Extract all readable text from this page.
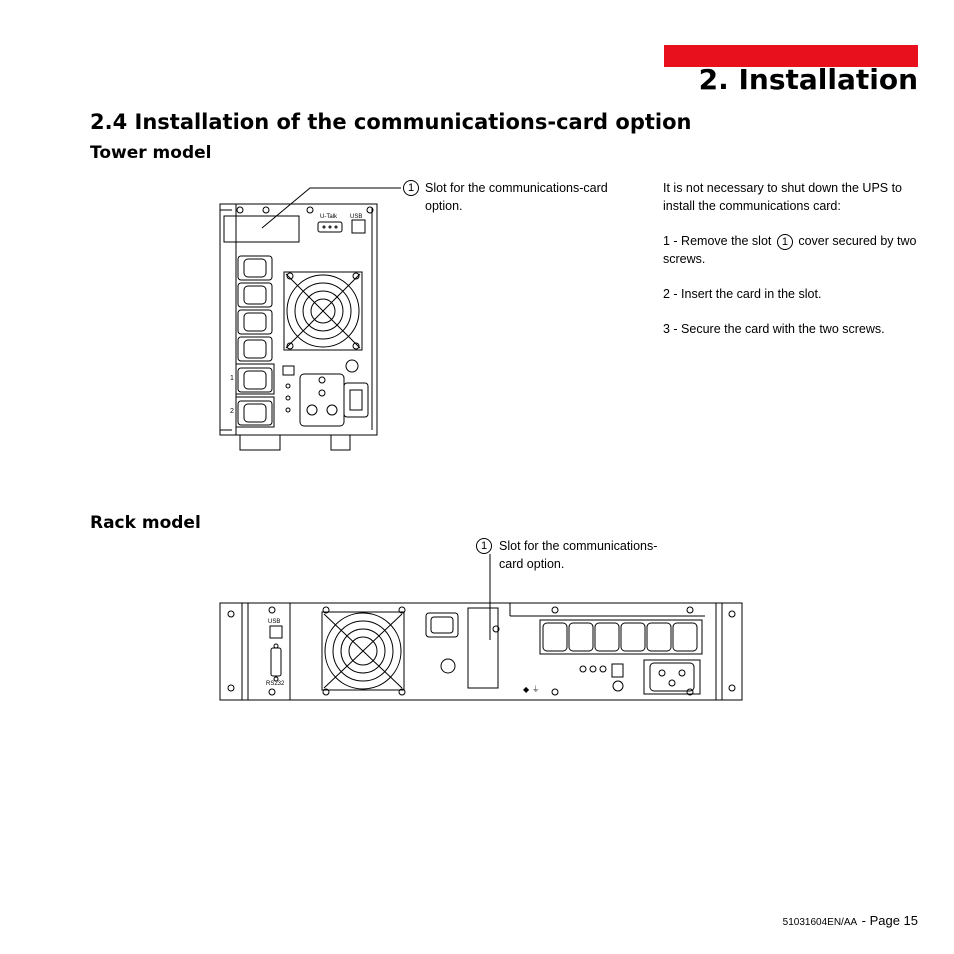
2. Installation
2.4 Installation of the communications-card option
Tower model
U-Talk USB
1
2
1 Slot for the communications-card option.

It is not necessary to shut down the UPS to install the communications card:

1 - Remove the slot 1 cover secured by two screws.

2 - Insert the card in the slot.

3 - Secure the card with the two screws.

Rack model
1 Slot for the communications-card option.
USB
RS232
◆ ⏚
51031604EN/AA - Page 15
